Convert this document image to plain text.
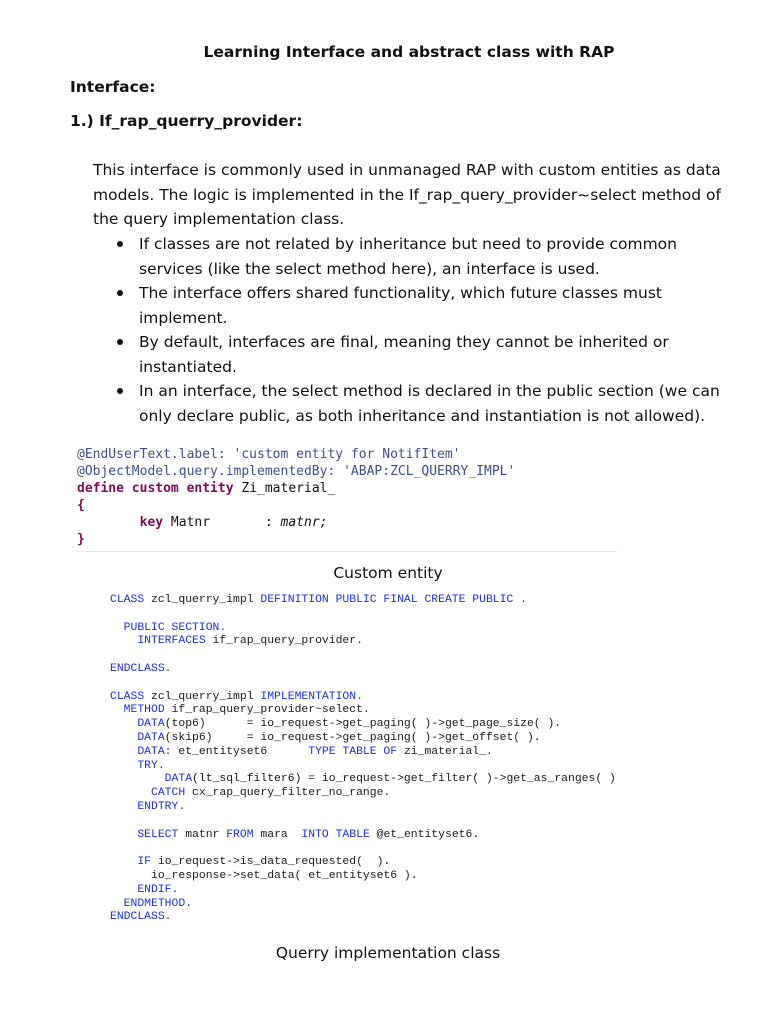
Learning Interface and abstract class with RAP
Interface:
1.) If_rap_querry_provider:

This interface is commonly used in unmanaged RAP with custom entities as data models. The logic is implemented in the If_rap_query_provider~select method of the query implementation class.

If classes are not related by inheritance but need to provide common services (like the select method here), an interface is used.
The interface offers shared functionality, which future classes must implement.
By default, interfaces are final, meaning they cannot be inherited or instantiated.
In an interface, the select method is declared in the public section (we can only declare public, as both inheritance and instantiation is not allowed).
@EndUserText.label: 'custom entity for NotifItem'
@ObjectModel.query.implementedBy: 'ABAP:ZCL_QUERRY_IMPL'
define custom entity Zi_material_
{
key Matnr       : matnr;
}
Custom entity
CLASS zcl_querry_impl DEFINITION PUBLIC FINAL CREATE PUBLIC .
PUBLIC SECTION.
INTERFACES if_rap_query_provider.
ENDCLASS.
CLASS zcl_querry_impl IMPLEMENTATION.
METHOD if_rap_query_provider~select.
DATA(top6)      = io_request->get_paging( )->get_page_size( ).
DATA(skip6)     = io_request->get_paging( )->get_offset( ).
DATA: et_entityset6      TYPE TABLE OF zi_material_.
TRY.
DATA(lt_sql_filter6) = io_request->get_filter( )->get_as_ranges( )
CATCH cx_rap_query_filter_no_range.
ENDTRY.
SELECT matnr FROM mara  INTO TABLE @et_entityset6.
IF io_request->is_data_requested(  ).
io_response->set_data( et_entityset6 ).
ENDIF.
ENDMETHOD.
ENDCLASS.
Querry implementation class
